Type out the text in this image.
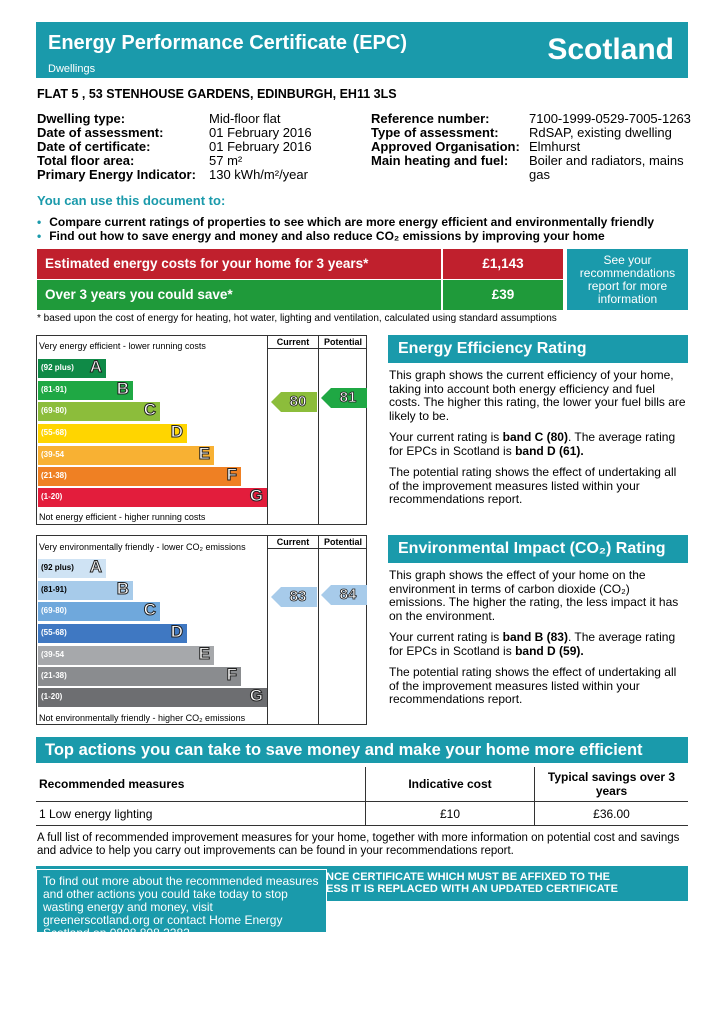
Energy Performance Certificate (EPC)
Dwellings
Scotland
FLAT 5 , 53 STENHOUSE GARDENS, EDINBURGH, EH11 3LS
Dwelling type:	Mid-floor flat
Date of assessment:	01 February 2016
Date of certificate:	01 February 2016
Total floor area:	57 m²
Primary Energy Indicator: 130 kWh/m²/year
Reference number:	7100-1999-0529-7005-1263
Type of assessment: RdSAP, existing dwelling
Approved Organisation: Elmhurst
Main heating and fuel: Boiler and radiators, mains gas
You can use this document to:
• Compare current ratings of properties to see which are more energy efficient and environmentally friendly
• Find out how to save energy and money and also reduce CO₂ emissions by improving your home
Estimated energy costs for your home for 3 years*	£1,143
Over 3 years you could save*	£39
See your recommendations report for more information
* based upon the cost of energy for heating, hot water, lighting and ventilation, calculated using standard assumptions
Current	Potential
Very energy efficient - lower running costs
Not energy efficient - higher running costs
(92 plus) A
(81-91)	B
(69-80)	C
(55-68)	D
(39-54	E
(21-38)	F
(1-20)	G
80	81
Current	Potential
Very environmentally friendly - lower CO₂ emissions
Not environmentally friendly - higher CO₂ emissions
(92 plus) A
(81-91)	B
(69-80)	C
(55-68)	D
(39-54	E
(21-38)	F
(1-20)	G
83	84
Energy Efficiency Rating

This graph shows the current efficiency of your home, taking into account both energy efficiency and fuel costs. The higher this rating, the lower your fuel bills are likely to be.

Your current rating is band C (80). The average rating for EPCs in Scotland is band D (61).

The potential rating shows the effect of undertaking all of the improvement measures listed within your recommendations report.

Environmental Impact (CO₂) Rating

This graph shows the effect of your home on the environment in terms of carbon dioxide (CO₂) emissions. The higher the rating, the less impact it has on the environment.

Your current rating is band B (83). The average rating for EPCs in Scotland is band D (59).

The potential rating shows the effect of undertaking all of the improvement measures listed within your recommendations report.

Top actions you can take to save money and make your home more efficient
Recommended measures	Indicative cost	Typical savings over 3 years
1 Low energy lighting	£10	£36.00
A full list of recommended improvement measures for your home, together with more information on potential cost and savings and advice to help you carry out improvements can be found in your recommendations report.
NCE CERTIFICATE WHICH MUST BE AFFIXED TO THE
ESS IT IS REPLACED WITH AN UPDATED CERTIFICATE
To find out more about the recommended measures and other actions you could take today to stop wasting energy and money, visit greenerscotland.org or contact Home Energy Scotland on 0808 808 2282.
